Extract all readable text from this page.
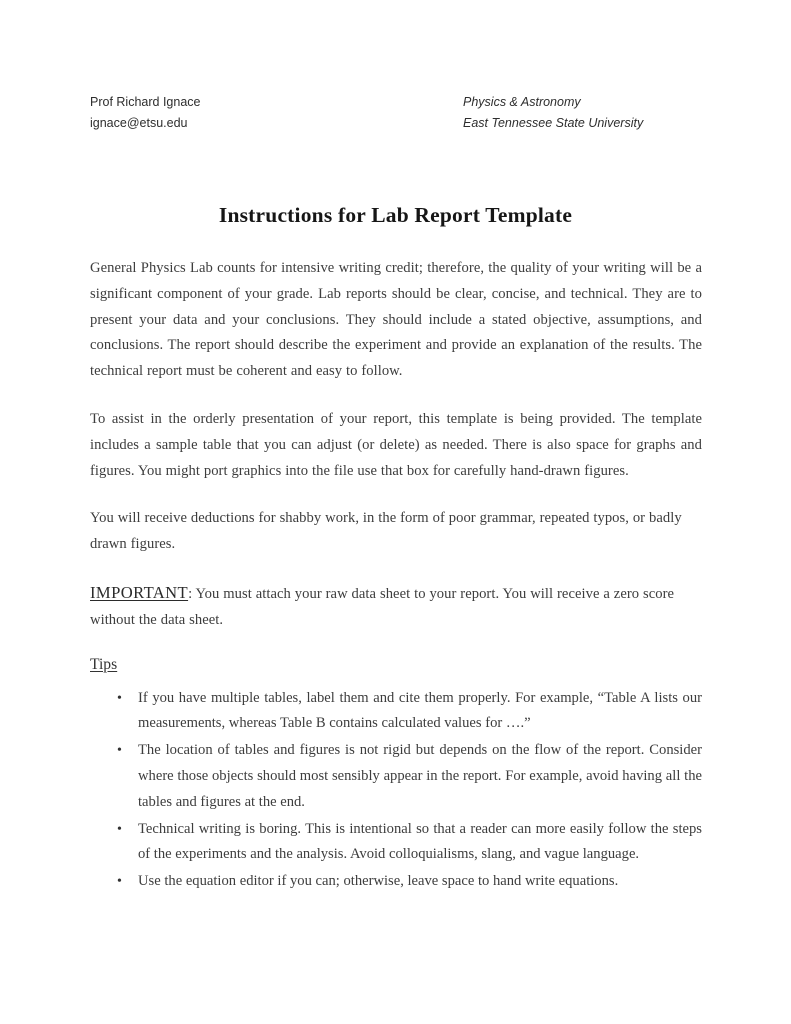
Prof Richard Ignace
ignace@etsu.edu
Physics & Astronomy
East Tennessee State University
Instructions for Lab Report Template

General Physics Lab counts for intensive writing credit; therefore, the quality of your writing will be a significant component of your grade. Lab reports should be clear, concise, and technical. They are to present your data and your conclusions. They should include a stated objective, assumptions, and conclusions. The report should describe the experiment and provide an explanation of the results. The technical report must be coherent and easy to follow.

To assist in the orderly presentation of your report, this template is being provided. The template includes a sample table that you can adjust (or delete) as needed. There is also space for graphs and figures. You might port graphics into the file use that box for carefully hand-drawn figures.

You will receive deductions for shabby work, in the form of poor grammar, repeated typos, or badly drawn figures.

IMPORTANT: You must attach your raw data sheet to your report. You will receive a zero score without the data sheet.

Tips
• If you have multiple tables, label them and cite them properly. For example, “Table A lists our measurements, whereas Table B contains calculated values for ….”
• The location of tables and figures is not rigid but depends on the flow of the report. Consider where those objects should most sensibly appear in the report. For example, avoid having all the tables and figures at the end.
• Technical writing is boring. This is intentional so that a reader can more easily follow the steps of the experiments and the analysis. Avoid colloquialisms, slang, and vague language.
• Use the equation editor if you can; otherwise, leave space to hand write equations.
